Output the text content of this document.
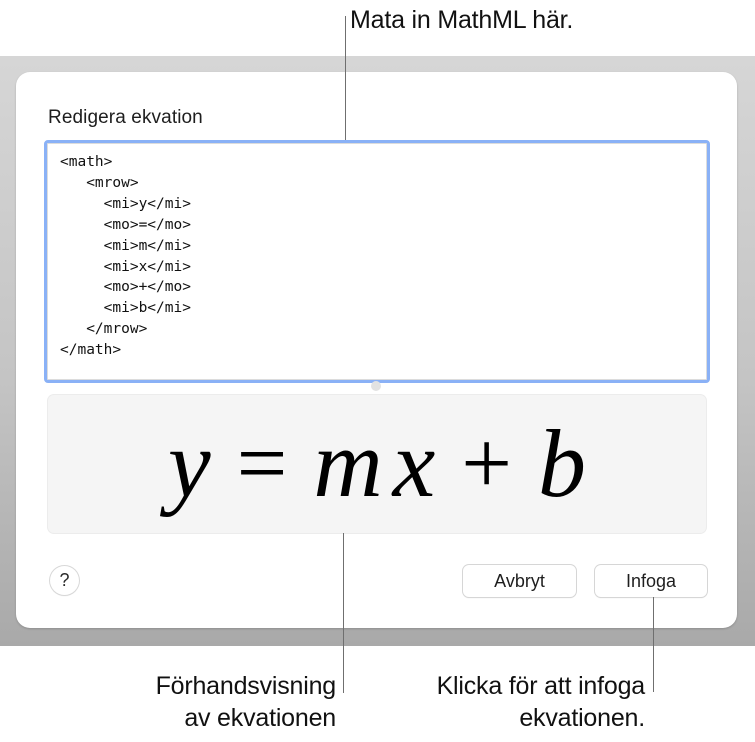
Redigera ekvation
<math>
<mrow>
<mi>y</mi>
<mo>=</mo>
<mi>m</mi>
<mi>x</mi>
<mo>+</mo>
<mi>b</mi>
</mrow>
</math>
y = m x + b
?	Avbryt	Infoga
Mata in MathML här.
Förhandsvisning
av ekvationen
Klicka för att infoga
ekvationen.
